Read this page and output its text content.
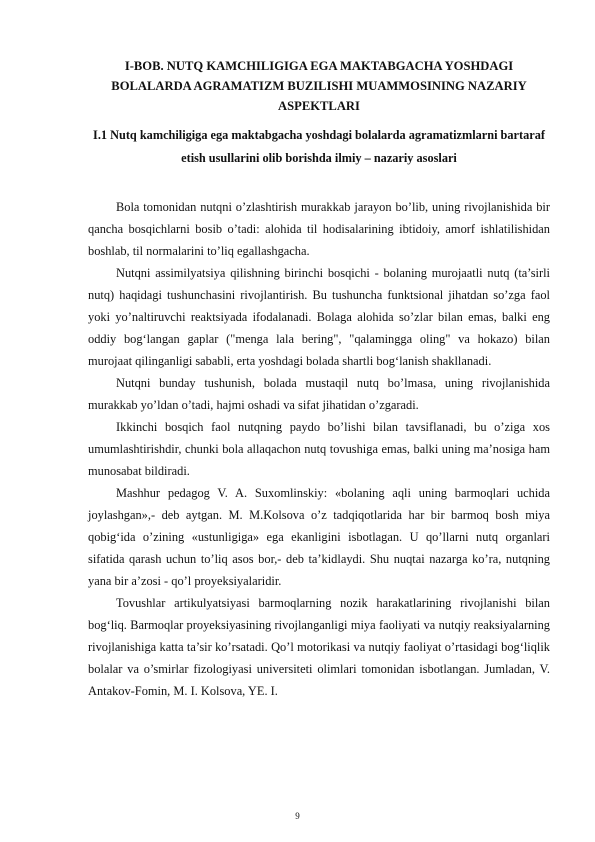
I-BOB. NUTQ KAMCHILIGIGA EGA MAKTABGACHA YOSHDAGI BOLALARDA AGRAMATIZM BUZILISHI MUAMMOSINING NAZARIY ASPEKTLARI
I.1 Nutq kamchiligiga ega maktabgacha yoshdagi bolalarda agramatizmlarni bartaraf etish usullarini olib borishda ilmiy – nazariy asoslari

Bola tomonidan nutqni o’zlashtirish murakkab jarayon bo’lib, uning rivojlanishida bir qancha bosqichlarni bosib o’tadi: alohida til hodisalarining ibtidoiy, amorf ishlatilishidan boshlab, til normalarini to’liq egallashgacha.

Nutqni assimilyatsiya qilishning birinchi bosqichi - bolaning murojaatli nutq (ta’sirli nutq) haqidagi tushunchasini rivojlantirish. Bu tushuncha funktsional jihatdan so’zga faol yoki yo’naltiruvchi reaktsiyada ifodalanadi. Bolaga alohida so’zlar bilan emas, balki eng oddiy bog‘langan gaplar ("menga lala bering", "qalamingga oling" va hokazo) bilan murojaat qilinganligi sababli, erta yoshdagi bolada shartli bog‘lanish shakllanadi.

Nutqni bunday tushunish, bolada mustaqil nutq bo’lmasa, uning rivojlanishida murakkab yo’ldan o’tadi, hajmi oshadi va sifat jihatidan o’zgaradi.

Ikkinchi bosqich faol nutqning paydo bo’lishi bilan tavsiflanadi, bu o’ziga xos umumlashtirishdir, chunki bola allaqachon nutq tovushiga emas, balki uning ma’nosiga ham munosabat bildiradi.

Mashhur pedagog V. A. Suxomlinskiy: «bolaning aqli uning barmoqlari uchida joylashgan»,- deb aytgan. M. M.Kolsova o’z tadqiqotlarida har bir barmoq bosh miya qobig‘ida o’zining «ustunligiga» ega ekanligini isbotlagan. U qo’llarni nutq organlari sifatida qarash uchun to’liq asos bor,- deb ta’kidlaydi. Shu nuqtai nazarga ko’ra, nutqning yana bir a’zosi - qo’l proyeksiyalaridir.

Tovushlar artikulyatsiyasi barmoqlarning nozik harakatlarining rivojlanishi bilan bog‘liq. Barmoqlar proyeksiyasining rivojlanganligi miya faoliyati va nutqiy reaksiyalarning rivojlanishiga katta ta’sir ko’rsatadi. Qo’l motorikasi va nutqiy faoliyat o’rtasidagi bog‘liqlik bolalar va o’smirlar fizologiyasi universiteti olimlari tomonidan isbotlangan. Jumladan, V. Antakov-Fomin, M. I. Kolsova, YE. I.

9
